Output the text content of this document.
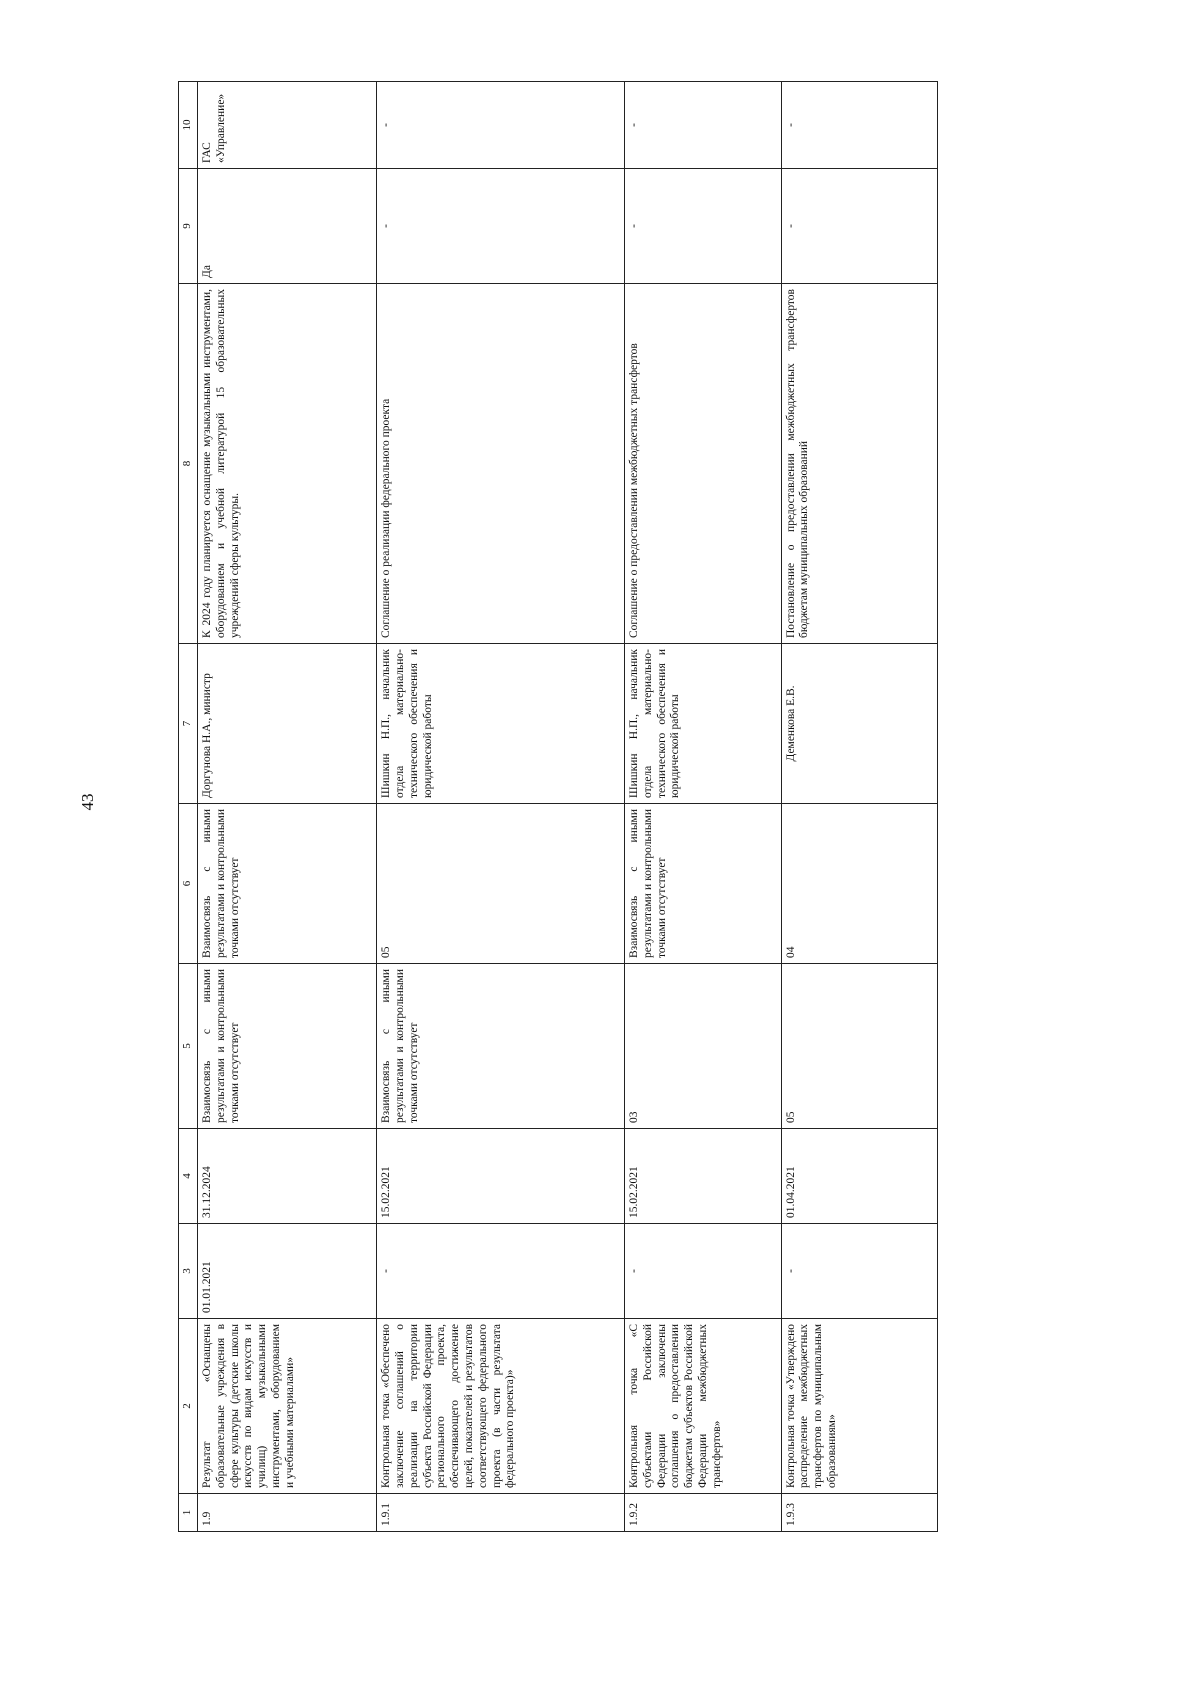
43
1	2	3	4	5	6	7	8	9	10
1.9	Результат «Оснащены образовательные учреждения в сфере культуры (детские школы искусств по видам искусств и училищ) музыкальными инструментами, оборудованием и учебными материалами»	01.01.2021	31.12.2024	Взаимосвязь с иными результатами и контрольными точками отсутствует	Взаимосвязь с иными результатами и контрольными точками отсутствует	Доргунова Н.А., министр	К 2024 году планируется оснащение музыкальными инструментами, оборудованием и учебной литературой 15 образовательных учреждений сферы культуры.	Да	ГАС «Управление»
1.9.1	Контрольная точка «Обеспечено заключение соглашений о реализации на территории субъекта Российской Федерации регионального проекта, обеспечивающего достижение целей, показателей и результатов соответствующего федерального проекта (в части результата федерального проекта)»	-	15.02.2021	Взаимосвязь с иными результатами и контрольными точками отсутствует	05	Шишкин Н.П., начальник отдела материально-технического обеспечения и юридической работы	Соглашение о реализации федерального проекта	-	-
1.9.2	Контрольная точка «С субъектами Российской Федерации заключены соглашения о предоставлении бюджетам субъектов Российской Федерации межбюджетных трансфертов»	-	15.02.2021	03	Взаимосвязь с иными результатами и контрольными точками отсутствует	Шишкин Н.П., начальник отдела материально-технического обеспечения и юридической работы	Соглашение о предоставлении межбюджетных трансфертов	-	-
1.9.3	Контрольная точка «Утверждено распределение межбюджетных трансфертов по муниципальным образованиям»	-	01.04.2021	05	04	Деменкова Е.В.	Постановление о предоставлении межбюджетных трансфертов бюджетам муниципальных образований	-	-
